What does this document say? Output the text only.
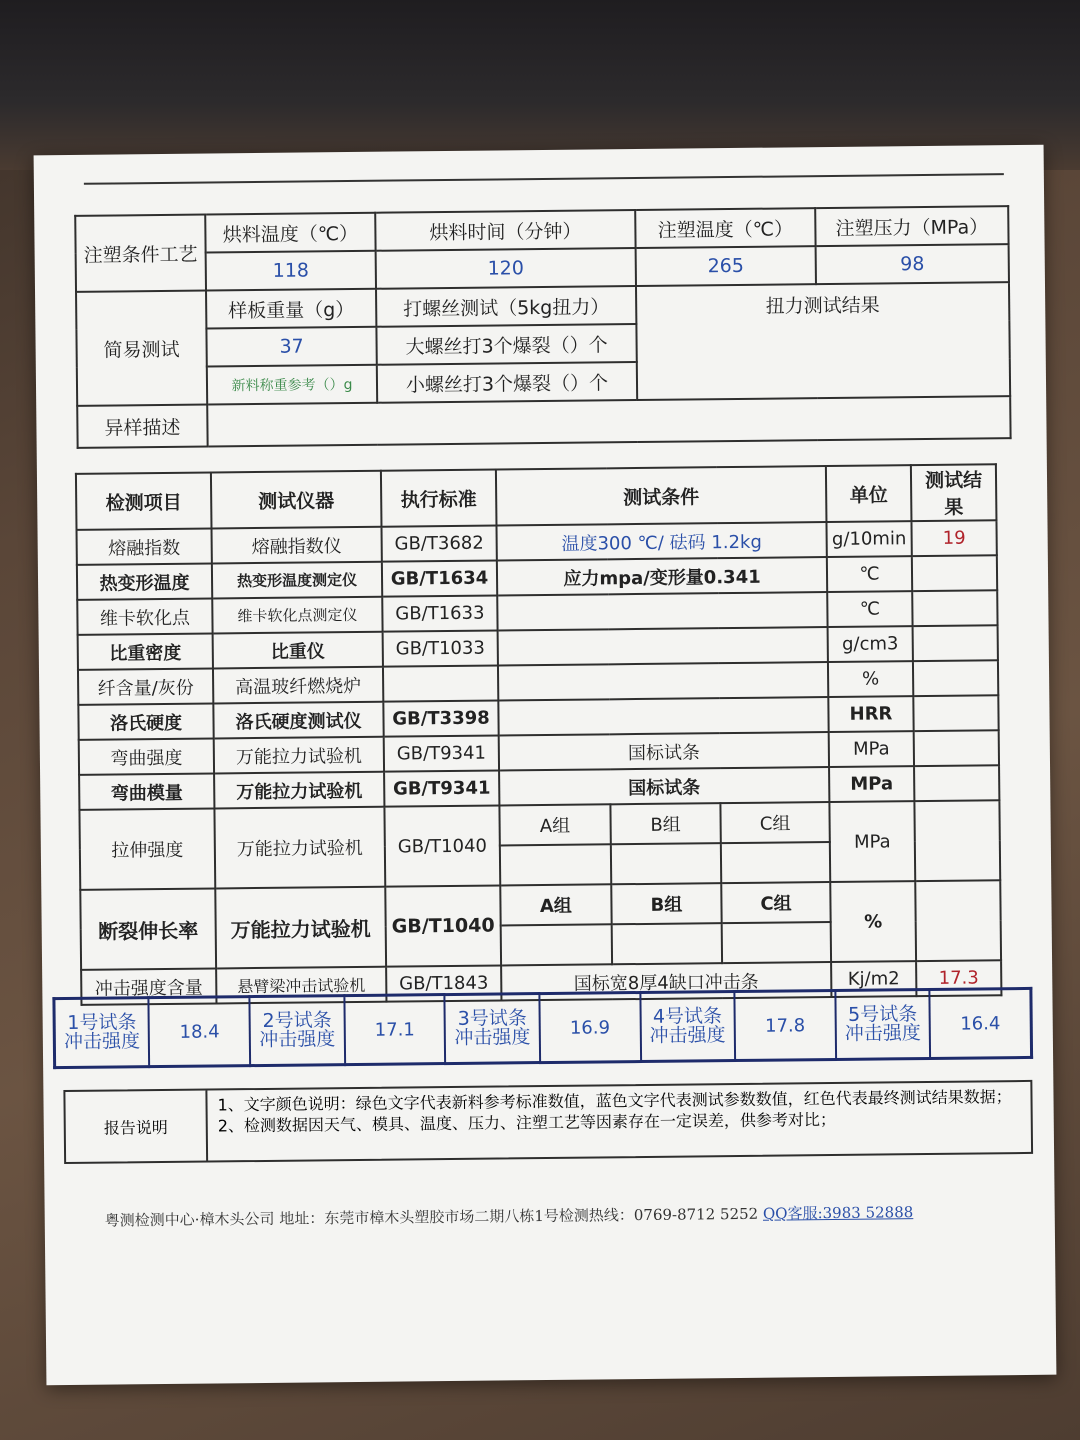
注塑条件工艺	烘料温度（℃）	烘料时间（分钟）	注塑温度（℃）	注塑压力（MPa）
	118	120	265	98
简易测试	样板重量（g）	打螺丝测试（5kg扭力）	扭力测试结果	
	37	大螺丝打3个爆裂（）个		
	新料称重参考（）g	小螺丝打3个爆裂（）个		
异样描述				
检测项目	测试仪器	执行标准	测试条件			单位	测试结果
熔融指数	熔融指数仪	GB/T3682	温度300 ℃/ 砝码 1.2kg			g/10min	19
热变形温度	热变形温度测定仪	GB/T1634	应力mpa/变形量0.341			℃	
维卡软化点	维卡软化点测定仪	GB/T1633				℃	
比重密度	比重仪	GB/T1033				g/cm3	
纤含量/灰份	高温玻纤燃烧炉					%	
洛氏硬度	洛氏硬度测试仪	GB/T3398				HRR	
弯曲强度	万能拉力试验机	GB/T9341	国标试条			MPa	
弯曲模量	万能拉力试验机	GB/T9341	国标试条			MPa	
拉伸强度	万能拉力试验机	GB/T1040	A组	B组	C组	MPa	

断裂伸长率	万能拉力试验机	GB/T1040	A组	B组	C组	%	

冲击强度含量	悬臂梁冲击试验机	GB/T1843	国标宽8厚4缺口冲击条			Kj/m2	17.3
1号试条冲击强度	18.4	2号试条冲击强度	17.1	3号试条冲击强度	16.9	4号试条冲击强度	17.8	5号试条冲击强度	16.4
报告说明
1、文字颜色说明：绿色文字代表新料参考标准数值，蓝色文字代表测试参数数值，红色代表最终测试结果数据；
2、检测数据因天气、模具、温度、压力、注塑工艺等因素存在一定误差，供参考对比；
粤测检测中心·樟木头公司 地址：东莞市樟木头塑胶市场二期八栋1号检测热线：0769-8712 5252 QQ客服:3983 52888
